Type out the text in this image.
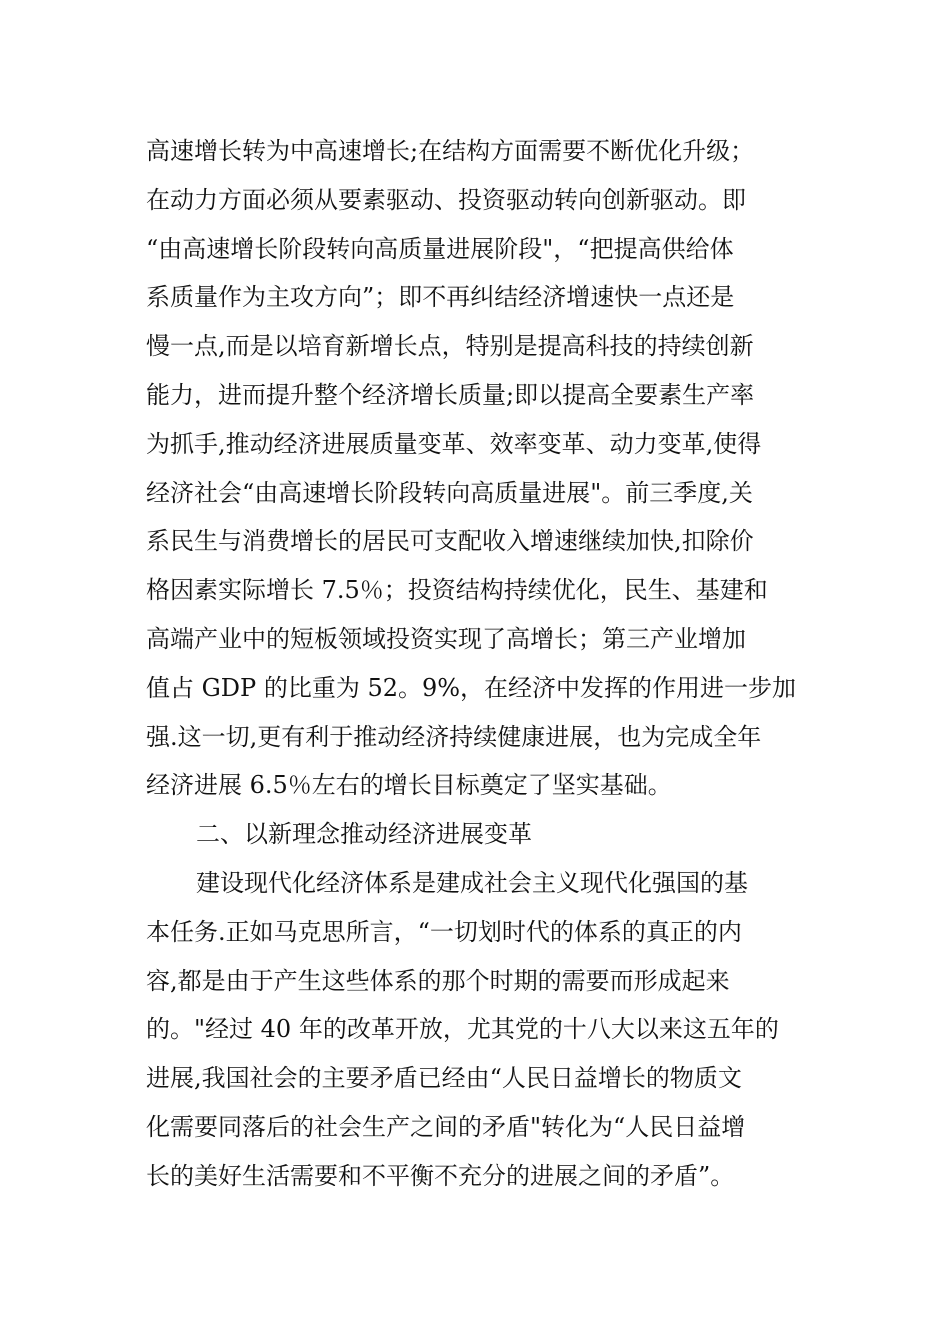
高速增长转为中高速增长;在结构方面需要不断优化升级；
在动力方面必须从要素驱动、投资驱动转向创新驱动。即
“由高速增长阶段转向高质量进展阶段"，“把提高供给体
系质量作为主攻方向”；即不再纠结经济增速快一点还是
慢一点,而是以培育新增长点，特别是提高科技的持续创新
能力，进而提升整个经济增长质量;即以提高全要素生产率
为抓手,推动经济进展质量变革、效率变革、动力变革,使得
经济社会“由高速增长阶段转向高质量进展"。前三季度,关
系民生与消费增长的居民可支配收入增速继续加快,扣除价
格因素实际增长 7.5％；投资结构持续优化，民生、基建和
高端产业中的短板领域投资实现了高增长；第三产业增加
值占 GDP 的比重为 52。9%，在经济中发挥的作用进一步加
强.这一切,更有利于推动经济持续健康进展，也为完成全年
经济进展 6.5％左右的增长目标奠定了坚实基础。
二、以新理念推动经济进展变革
建设现代化经济体系是建成社会主义现代化强国的基
本任务.正如马克思所言，“一切划时代的体系的真正的内
容,都是由于产生这些体系的那个时期的需要而形成起来
的。"经过 40 年的改革开放，尤其党的十八大以来这五年的
进展,我国社会的主要矛盾已经由“人民日益增长的物质文
化需要同落后的社会生产之间的矛盾"转化为“人民日益增
长的美好生活需要和不平衡不充分的进展之间的矛盾”。
